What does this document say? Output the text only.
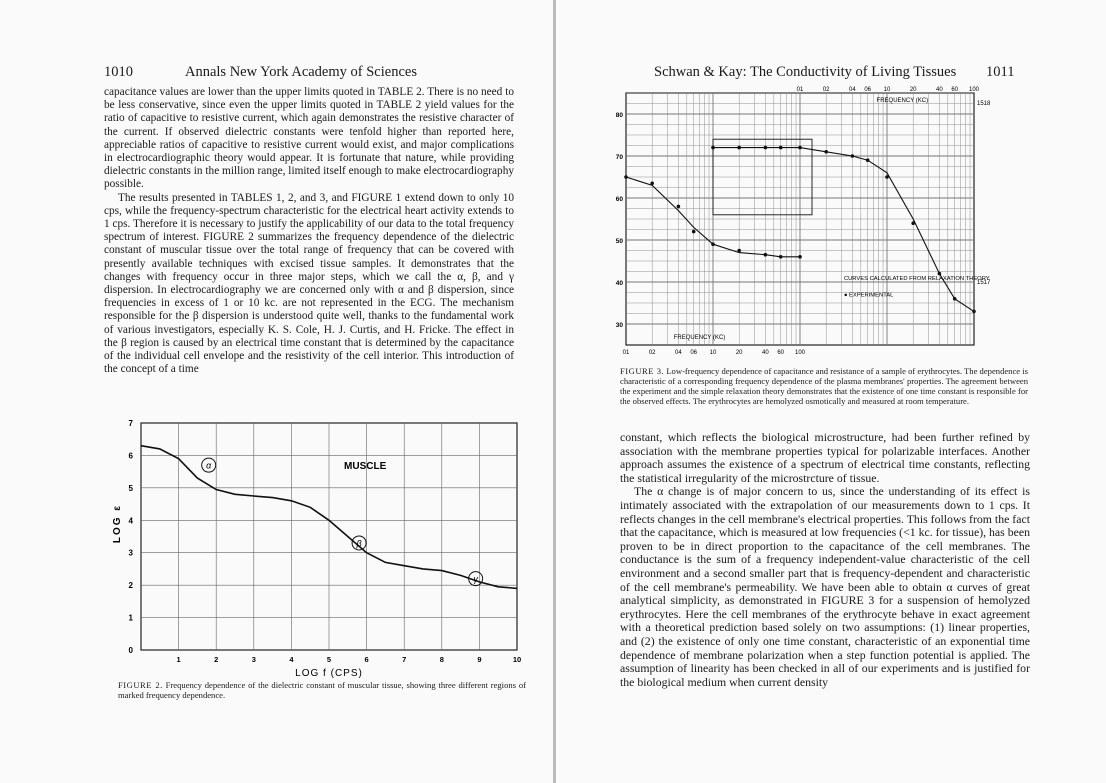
1010	Annals New York Academy of Sciences

capacitance values are lower than the upper limits quoted in TABLE 2. There is no need to be less conservative, since even the upper limits quoted in TABLE 2 yield values for the ratio of capacitive to resistive current, which again demonstrates the resistive character of the current. If observed dielectric constants were tenfold higher than reported here, appreciable ratios of capacitive to resistive current would exist, and major complications in electrocardiographic theory would appear. It is fortunate that nature, while providing dielectric constants in the million range, limited itself enough to make electrocardiography possible.

The results presented in TABLES 1, 2, and 3, and FIGURE 1 extend down to only 10 cps, while the frequency-spectrum characteristic for the electrical heart activity extends to 1 cps. Therefore it is necessary to justify the applicability of our data to the total frequency spectrum of interest. FIGURE 2 summarizes the frequency dependence of the dielectric constant of muscular tissue over the total range of frequency that can be covered with presently available techniques with excised tissue samples. It demonstrates that the changes with frequency occur in three major steps, which we call the α, β, and γ dispersion. In electrocardiography we are concerned only with α and β dispersion, since frequencies in excess of 1 or 10 kc. are not represented in the ECG. The mechanism responsible for the β dispersion is understood quite well, thanks to the fundamental work of various investigators, especially K. S. Cole, H. J. Curtis, and H. Fricke. The effect in the β region is caused by an electrical time constant that is determined by the capacitance of the individual cell envelope and the resistivity of the cell interior. This introduction of the concept of a time

1	2	3	4	5	6	7	8	9	10
0
1
2
3
4
5
6
7
LOG f (CPS)
LOG ε
MUSCLE
α
β
γ
FIGURE 2. Frequency dependence of the dielectric constant of muscular tissue, showing three different regions of marked frequency dependence.
Schwan & Kay: The Conductivity of Living Tissues 1011
80
70
60
50
40
30
01	02	04 06 10	20	40 60 100
FREQUENCY (KC)
01	02	04 06 10	20	40 60 100
FREQUENCY (KC)
1518
1517
CURVES CALCULATED FROM RELAXATION THEORY
● EXPERIMENTAL
FIGURE 3. Low-frequency dependence of capacitance and resistance of a sample of erythrocytes. The dependence is characteristic of a corresponding frequency dependence of the plasma membranes' properties. The agreement between the experiment and the simple relaxation theory demonstrates that the existence of one time constant is responsible for the observed effects. The erythrocytes are hemolyzed osmotically and measured at room temperature.

constant, which reflects the biological microstructure, had been further refined by association with the membrane properties typical for polarizable interfaces. Another approach assumes the existence of a spectrum of electrical time constants, reflecting the statistical irregularity of the microstrcture of tissue.

The α change is of major concern to us, since the understanding of its effect is intimately associated with the extrapolation of our measurements down to 1 cps. It reflects changes in the cell membrane's electrical properties. This follows from the fact that the capacitance, which is measured at low frequencies (<1 kc. for tissue), has been proven to be in direct proportion to the capacitance of the cell membranes. The conductance is the sum of a frequency independent-value characteristic of the cell environment and a second smaller part that is frequency-dependent and characteristic of the cell membrane's permeability. We have been able to obtain α curves of great analytical simplicity, as demonstrated in FIGURE 3 for a suspension of hemolyzed erythrocytes. Here the cell membranes of the erythrocyte behave in exact agreement with a theoretical prediction based solely on two assumptions: (1) linear properties, and (2) the existence of only one time constant, characteristic of an exponential time dependence of membrane polarization when a step function potential is applied. The assumption of linearity has been checked in all of our experiments and is justified for the biological medium when current density
